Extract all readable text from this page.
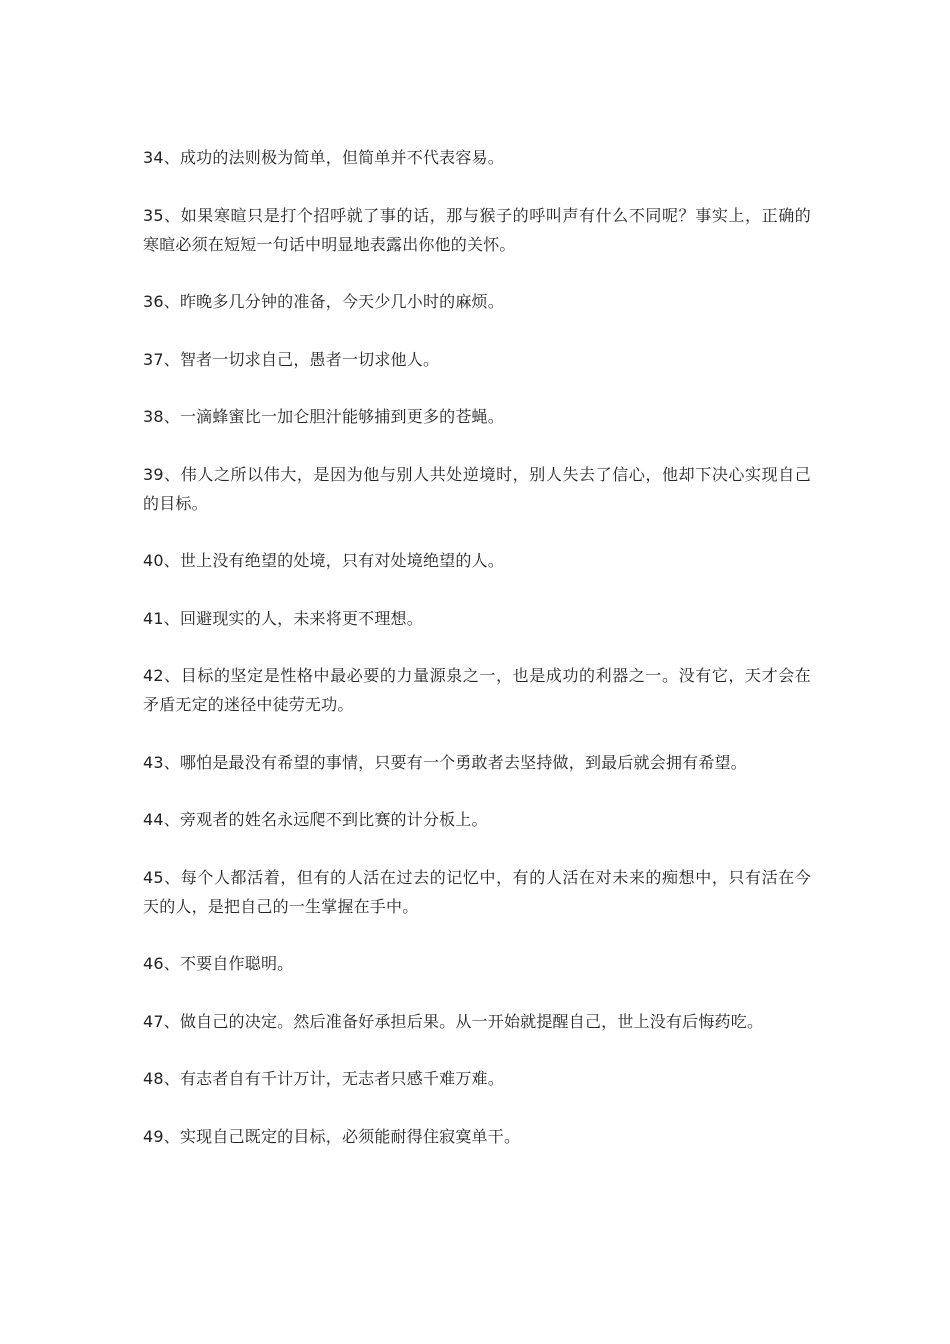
34、成功的法则极为简单，但简单并不代表容易。
35、如果寒暄只是打个招呼就了事的话，那与猴子的呼叫声有什么不同呢？事实上，正确的寒暄必须在短短一句话中明显地表露出你他的关怀。
36、昨晚多几分钟的准备，今天少几小时的麻烦。
37、智者一切求自己，愚者一切求他人。
38、一滴蜂蜜比一加仑胆汁能够捕到更多的苍蝇。
39、伟人之所以伟大，是因为他与别人共处逆境时，别人失去了信心，他却下决心实现自己的目标。
40、世上没有绝望的处境，只有对处境绝望的人。
41、回避现实的人，未来将更不理想。
42、目标的坚定是性格中最必要的力量源泉之一，也是成功的利器之一。没有它，天才会在矛盾无定的迷径中徒劳无功。
43、哪怕是最没有希望的事情，只要有一个勇敢者去坚持做，到最后就会拥有希望。
44、旁观者的姓名永远爬不到比赛的计分板上。
45、每个人都活着，但有的人活在过去的记忆中，有的人活在对未来的痴想中，只有活在今天的人，是把自己的一生掌握在手中。
46、不要自作聪明。
47、做自己的决定。然后准备好承担后果。从一开始就提醒自己，世上没有后悔药吃。
48、有志者自有千计万计，无志者只感千难万难。
49、实现自己既定的目标，必须能耐得住寂寞单干。
